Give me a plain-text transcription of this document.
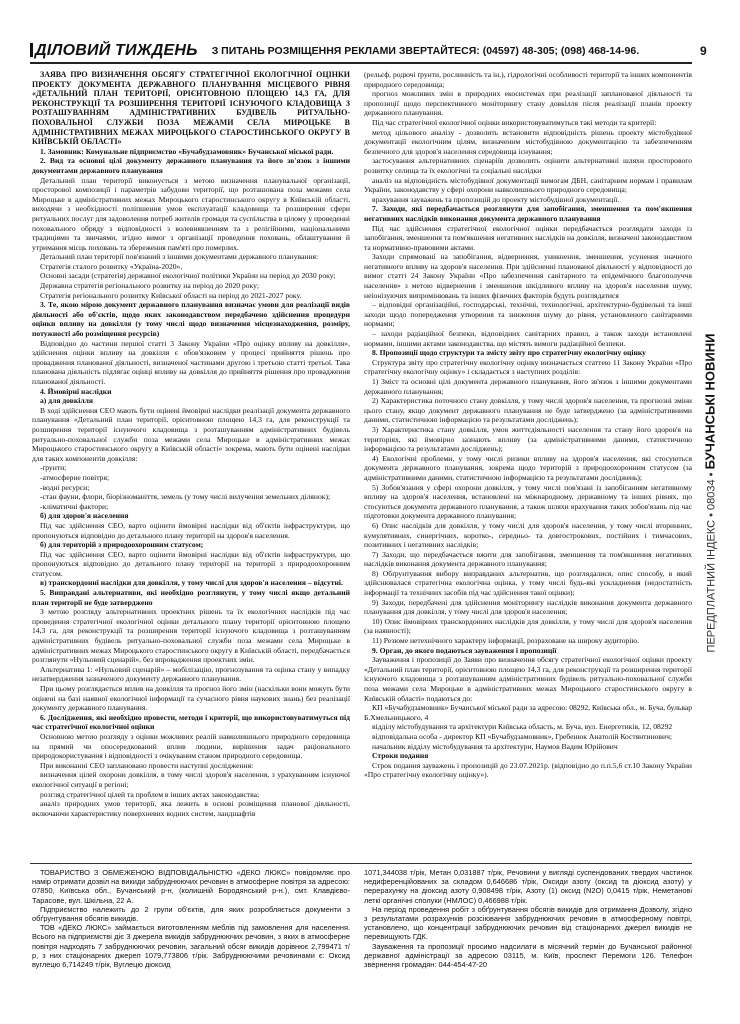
ДІЛОВИЙ ТИЖДЕНЬ З ПИТАНЬ РОЗМІЩЕННЯ РЕКЛАМИ ЗВЕРТАЙТЕСЯ: (04597) 48-305; (098) 468-14-96.	9
ПЕРЕДПЛАТНИЙ ІНДЕКС • 08034 • БУЧАНСЬКІ НОВИНИ

ЗАЯВА ПРО ВИЗНАЧЕННЯ ОБСЯГУ СТРАТЕГІЧНОЇ ЕКОЛОГІЧНОЇ ОЦІНКИ ПРОЕКТУ ДОКУМЕНТА ДЕРЖАВНОГО ПЛАНУВАННЯ МІСЦЕВОГО РІВНЯ «ДЕТАЛЬНИЙ ПЛАН ТЕРИТОРІЇ, ОРІЄНТОВНОЮ ПЛОЩЕЮ 14,3 ГА, ДЛЯ РЕКОНСТРУКЦІЇ ТА РОЗШИРЕННЯ ТЕРИТОРІЇ ІСНУЮЧОГО КЛАДОВИЩА З РОЗТАШУВАННЯМ АДМІНІСТРАТИВНИХ БУДІВЕЛЬ РИТУАЛЬНО-ПОХОВАЛЬНОЇ СЛУЖБИ ПОЗА МЕЖАМИ СЕЛА МИРОЦЬКЕ В АДМІНІСТРАТИВНИХ МЕЖАХ МИРОЦЬКОГО СТАРОСТИНСЬКОГО ОКРУГУ В КИЇВСЬКІЙ ОБЛАСТІ»

1. Замовник: Комунальне підприємство «Бучабудзамовник» Бучанської міської ради.

2. Вид та основні цілі документу державного планування та його зв'язок з іншими документами державного планування

Детальний план території виконується з метою визначення планувальної організації, просторової композиції і параметрів забудови території, що розташована поза межами села Мироцьке в адміністративних межах Мироцького старостинського округу в Київській області, виходячи з необхідності поліпшення умов експлуатації кладовища та розширення сфери ритуальних послуг для задоволення потреб жителів громади та суспільства в цілому у проведенні поховального обряду з відповідності з волевиявленням та з релігійними, національними традиціями та звичаями, згідно вимог з організації проведення поховань, облаштування й утримання місць поховань та збереження пам'яті про померлих.

Детальний план території пов'язаний з іншими документами державного планування:

Стратегія сталого розвитку «Україна-2020»,

Основні засади (стратегія) державної екологічної політики України на період до 2030 року;

Державна стратегія регіонального розвитку на період до 2020 року;

Стратегія регіонального розвитку Київської області на період до 2021-2027 року.

3. Те, якою мірою документ державного планування визначає умови для реалізації видів діяльності або об'єктів, щодо яких законодавством передбачено здійснення процедури оцінки впливу на довкілля (у тому числі щодо визначення місцезнаходження, розміру, потужності або розміщення ресурсів)

Відповідно до частини першої статті 3 Закону України «Про оцінку впливу на довкілля», здійснення оцінки впливу на довкілля є обов'язковим у процесі прийняття рішень про провадження планованої діяльності, визначеної частинами другою і третьою статті третьої. Така планована діяльність підлягає оцінці впливу на довкілля до прийняття рішення про провадження планованої діяльності.

4. Ймовірні наслідки

а) для довкілля

В ході здійснення СЕО мають бути оцінені ймовірні наслідки реалізації документа державного планування «Детальний план території, орієнтовною площею 14,3 га, для реконструкції та розширення території існуючого кладовища з розташуванням адміністративних будівель ритуально-поховальної служби поза межами села Мироцьке в адміністративних межах Мироцького старостинського округу в Київській області» зокрема, мають бути оцінені наслідки для таких компонентів довкілля:

-ґрунти;

-атмосферне повітря;

-водні ресурси;

-стан фауни, флори, біорізноманіття, земель (у тому числі вилучення земельних ділянок);

-кліматичні фактори;

б) для здоров'я населення

Під час здійснення СЕО, варто оцінити ймовірні наслідки від об'єктів інфраструктури, що пропонуються відповідно до детального плану території на здоров'я населення.

б) для територій з природоохоронним статусом;

Під час здійснення СЕО, варто оцінити ймовірні наслідки від об'єктів інфраструктури, що пропонуються відповідно до детального плану території на території з природоохоронним статусом.

в) транскордонні наслідки для довкілля, у тому числі для здоров'я населення – відсутні.

5. Виправдані альтернативи, які необхідно розглянути, у тому числі якщо детальний план території не буде затверджено

З метою розгляду альтернативних проектних рішень та їх екологічних наслідків під час проведення стратегічної екологічної оцінки детального плану території орієнтовною площею 14,3 га, для реконструкції та розширення території існуючого кладовища з розташуванням адміністративних будівель ритуально-поховальної служби поза межами села Мироцьке в адміністративних межах Мироцького старостинського округу в Київській області, передбачається розглянути «Нульовий сценарій», без впровадження проектних змін.

Альтернатива 1: «Нульовий сценарій» – мобілізацію, прогнозування та оцінка стану у випадку незатвердження зазначеного документу державного планування.

При цьому розглядається вплив на довкілля та прогноз його змін (наскільки вони можуть бути оцінені на базі наявної екологічної інформації та сучасного рівня наукових знань) без реалізації документу державного планування.

6. Дослідження, які необхідно провести, методи і критерії, що використовуватимуться під час стратегічної екологічної оцінки

Основною метою розгляду з оцінки можливих реалій навколишнього природного середовища на прямий чи опосередкований вплив людини, вирішення задач раціонального природокористування і відповідності з очікуваним станом природного середовища.

При виконанні СЕО заплановано провести наступні дослідження:

визначення цілей охорони довкілля, в тому числі здоров'я населення, з урахуванням існуючої екологічної ситуації в регіоні;

розгляд стратегічної цілей та проблем в інших актах законодавства;

аналіз природних умов території, яка лежить в основі розміщення планової діяльності, включаючи характеристику поверхневих водних систем, ландшафтів

(рельєф, родючі ґрунти, рослинність та ін.), гідрологічні особливості території та інших компонентів природного середовища;

прогноз можливих змін в природних екосистемах при реалізації запланованої діяльності та пропозиції щодо перспективного моніторингу стану довкілля після реалізації планів проекту державного планування.

Під час стратегічної екологічної оцінки використовуватимуться такі методи та критерії:

метод цільового аналізу - дозволить встановити відповідність рішень проекту містобудівної документації екологічним цілям, визначеним містобудівною документацією та забезпеченням безпечного для здоров'я населення середовища існування;

застосування альтернативних сценаріїв дозволить оцінити альтернативні шляхи просторового розвитку селища та їх екологічні та соціальні наслідки

аналіз на відповідність містобудівної документації вимогам ДБН, санітарним нормам і правилам України, законодавству у сфері охорони навколишнього природного середовища;

врахування зауважень та пропозицій до проекту містобудівної документації.

7. Заходи, які передбачається розглянути для запобігання, зменшення та пом'якшення негативних наслідків виконання документа державного планування

Під час здійснення стратегічної екологічної оцінки передбачається розглядати заходи із запобігання, зменшення та пом'якшення негативних наслідків на довкілля, визначені законодавством та нормативно-правовими актами.

Заходи спрямовані на запобігання, відвернення, уникнення, зменшення, усунення значного негативного впливу на здоров'я населення. При здійсненні планованої діяльності у відповідності до вимог статті 24 Закону України «Про забезпечення санітарного та епідемічного благополуччя населення» з метою відвернення і зменшення шкідливого впливу на здоров'я населення шуму, неіонізуючих випромінювань та інших фізичних факторів будуть розглядатися

– відповідні організаційні, господарські, технічні, технологічні, архітектурно-будівельні та інші заходи щодо попередження утворення та зниження шуму до рівня, установленого санітарними нормами;

– заходи радіаційної безпеки, відповідних санітарних правил, а також заходи встановлені нормами, іншими актами законодавства, що містять вимоги радіаційної безпеки.

8. Пропозиції щодо структури та змісту звіту про стратегічну екологічну оцінку

Структура звіту про стратегічну екологічну оцінку визначається статтею 11 Закону України «Про стратегічну екологічну оцінку» і складається з наступних розділів:

1) Зміст та основні цілі документа державного планування, його зв'язок з іншими документами державного планування;

2) Характеристика поточного стану довкілля, у тому числі здоров'я населення, та прогнозні зміни цього стану, якщо документ державного планування не буде затверджено (за адміністративними даними, статистичною інформацією та результатами досліджень);

3) Характеристика стану довкілля, умов життєдіяльності населення та стану його здоров'я на територіях, які ймовірно зазнають впливу (за адміністративними даними, статистичною інформацією та результатами досліджень);

4) Екологічні проблеми, у тому числі ризики впливу на здоров'я населення, які стосуються документа державного планування, зокрема щодо територій з природоохоронним статусом (за адміністративними даними, статистичною інформацією та результатами досліджень);

5) Зобов'язання у сфері охорони довкілля, у тому числі пов'язані із запобіганням негативному впливу на здоров'я населення, встановлені на міжнародному, державному та інших рівнях, що стосуються документа державного планування, а також шляхи врахування таких зобов'язань під час підготовки документа державного планування;

6) Опис наслідків для довкілля, у тому числі для здоров'я населення, у тому числі вторинних, кумулятивних, синергічних, коротко-, середньо- та довгострокових, постійних і тимчасових, позитивних і негативних наслідків;

7) Заходи, що передбачається вжити для запобігання, зменшення та пом'якшення негативних наслідків виконання документа державного планування;

8) Обґрунтування вибору виправданих альтернатив, що розглядалися, опис способу, в який здійснювалася стратегічна екологічна оцінка, у тому числі будь-які ускладнення (недостатність інформації та технічних засобів під час здійснення такої оцінки);

9) Заходи, передбачені для здійснення моніторингу наслідків виконання документа державного планування для довкілля, у тому числі для здоров'я населення;

10) Опис ймовірних транскордонних наслідків для довкілля, у тому числі для здоров'я населення (за наявності);

11) Резюме нетехнічного характеру інформації, розраховане на широку аудиторію.

9. Орган, до якого подаються зауваження і пропозиції

Зауваження і пропозиції до Заяви про визначення обсягу стратегічної екологічної оцінки проекту «Детальний план території, орієнтовною площею 14,3 га, для реконструкції та розширення території існуючого кладовища з розташуванням адміністративних будівель ритуально-поховальної служби поза межами села Мироцьке в адміністративних межах Мироцького старостинського округу в Київській області» подаються до:

КП «Бучабудзамовник» Бучанської міської ради за адресою: 08292, Київська обл., м. Буча, бульвар Б.Хмельницького, 4

відділу містобудування та архітектури Київська область, м. Буча, вул. Енергетиків, 12, 08292

відповідальна особа - директор КП «Бучабудзамовник», Гребенюк Анатолій Костянтинович;

начальник відділу містобудування та архітектури, Наумов Вадим Юрійович

Строки подання

Строк подання зауважень і пропозицій до 23.07.2021р. (відповідно до п.п.5,6 ст.10 Закону України «Про стратегічну екологічну оцінку»).

ТОВАРИСТВО З ОБМЕЖЕНОЮ ВІДПОВІДАЛЬНІСТЮ «ДЕКО ЛЮКС» повідомляє про намір отримати дозвіл на викиди забруднюючих речовин в атмосферне повітря за адресою: 07850, Київська обл., Бучанський р-н, (колишній Бородянський р-н.), смт. Клавдієво-Тарасове, вул. Шкільна, 22 А.

Підприємство належить до 2 групи об'єктів, для яких розробляється документи з обґрунтування обсягів викидів.

ТОВ «ДЕКО ЛЮКС» займається виготовленням меблів під замовлення для населення. Всього на підприємстві діє 3 джерела викидів забруднюючих речовин, з яких в атмосферне повітря надходять 7 забруднюючих речовин, загальний обсяг викидів дорівнює 2,799471 т/р, з них стаціонарних джерел 1079,773806 т/рік. Забруднюючими речовинами є: Оксид вуглецю 6,714249 т/рік, Вуглецю діоксид

1071,344038 т/рік, Метан 0,031887 т/рік, Речовини у вигляді суспендованих твердих частинок недиференційованих за складом 0,646686 т/рік, Оксиди азоту (оксид та діоксид азоту) у перерахунку на діоксид азоту 0,908498 т/рік, Азоту (1) оксид (N2O) 0,0415 т/рік, Неметанові леткі органічні сполуки (НМЛОС) 0,466988 т/рік.

На період проведення робіт з обґрунтування обсягів викидів для отримання Дозволу, згідно з результатами розрахунків розсіювання забруднюючих речовин в атмосферному повітрі, установлено, що концентрації забруднюючих речовин від стаціонарних джерел викидів не перевищують ГДК.

Зауваження та пропозиції просимо надсилати в місячний термін до Бучанської районної державної адміністрації за адресою 03115, м. Київ, проспект Перемоги 126. Телефон звернення громадян: 044-454-47-20
